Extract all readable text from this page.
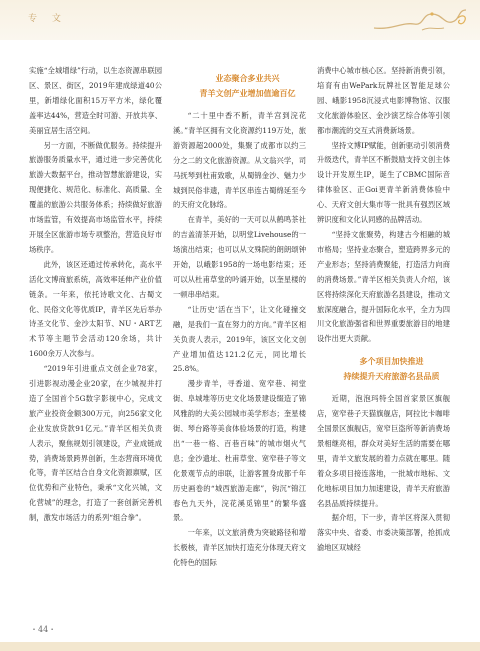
专 文

实施“全城增绿”行动，以生态资源串联园区、景区、街区，2019年建成绿道40公里，新增绿化面积15万平方米，绿化覆盖率达44%，营造全时可游、开放共享、美丽宜居生活空间。

另一方面，不断做优服务。持续提升旅游服务质量水平，通过进一步完善优化旅游大数据平台，推动智慧旅游建设，实现便捷化、规范化、标准化、高质量、全覆盖的旅游公共服务体系；持续做好旅游市场监管，有效提高市场监管水平，持续开展全区旅游市场专项整治，营造良好市场秩序。

此外，该区还通过传承转化，高水平活化文博商旅系统，高效率延伸产业价值链条。一年来，依托诗歌文化、古蜀文化、民俗文化等优质IP，青羊区先后举办诗圣文化节、金沙太阳节、NU・ART艺术节等主题节会活动120余场，共计1600余万人次参与。

“2019年引进重点文创企业78家，引进影视动漫企业20家，在少城视井打造了全国首个5G数字影视中心，完成文旅产业投资金额300万元，向256家文化企业发放贷款91亿元。”青羊区相关负责人表示，聚焦规划引领建设，产业成链成势，消费场景跨界创新，生态营商环境优化等，青羊区结合自身文化资源禀赋，区位优势和产业特色，秉承“文化兴城，文化营城”的理念，打造了一套创新完善机制，激发市场活力的系列“组合拳”。

业态聚合多业共兴

青羊文创产业增加值逾百亿

“二十里中香不断，青羊宫到浣花溪。”青羊区拥有文化资源约119万处，旅游资源超2000处，集聚了成都市以约三分之二的文化旅游资源。从文翁兴学，司马抚琴到杜甫致歌，从蜀锦金沙、魅力少城到民俗非遗，青羊区串连古蜀绵延至今的天府文化脉络。

在青羊，美好的一天可以从鹤鸣茶社的吉盖清茶开始，以明堂Livehouse的一场演出结束；也可以从文殊院的朗朗颂钟开始，以峨影1958的一场电影结束；还可以从杜甫草堂的吟诵开始，以奎星楼的一顿串串结束。

“让历史‘活在当下’，让文化碰撞交融，是我们一直在努力的方向。”青羊区相关负责人表示，2019年，该区文化文创产业增加值达121.2亿元，同比增长25.8%。

漫步青羊，寻香道、宽窄巷、祠堂街、阜城堆等历史文化场景建设缀造了锦风雅韵的大美公园城市美学形态；奎星楼街、琴台路等美食体验场景的打造，构建出“一巷一格、百巷百味”的城市烟火气息；金沙遗址、杜甫草堂、宽窄巷子等文化景观节点的串联，让游客置身成都千年历史画卷的“城西旅游走廊”，钩沉“锦江春色九天外，浣花溪觅锦里”的繁华盛景。

一年来，以文旅消费为突破路径和增长极核，青羊区加快打造充分体现天府文化特色的国际

消费中心城市核心区。坚持新消费引领，培育有由WePark玩牌社区智能足球公园、峨影1958沉浸式电影博物馆、汉服文化旅游体验区、金沙演艺综合体等引领都市潮流的交互式消费新场景。

坚持文博IP赋能，创新驱动引领消费升级迭代，青羊区不断鼓励支持文创主体设计开发原生IP，诞生了CBMC国际音律体验区、正Goi更青羊新消费体验中心、天府文创大集市等一批具有强烈区域辨识度和文化认同感的品牌活动。

“坚持文旅聚势，构建古今相融的城市格局；坚持业态聚合，塑造跨界多元的产业形态；坚持消费聚能，打造活力向商的消费场景。”青羊区相关负责人介绍，该区将持续深化天府旅游名县建设，推动文旅深度融合，提升国际化水平，全力为四川文化旅游强省和世界重要旅游目的地建设作出更大贡献。

多个项目加快推进

持续提升天府旅游名县品质

近期，泡泡玛特全国首家景区旗舰店，宽窄巷子天猫旗舰店，阿拉比卡咖啡全国景区旗舰店，宽窄巨盗所等新消费场景相继亮相，群众对美好生活的需要在哪里，青羊文旅发展的着力点就在哪里。随着众多项目接连落地，一批城市地标、文化地标项目加力加速建设，青羊天府旅游名县品质持续提升。

据介绍，下一步，青羊区将深入贯彻落实中央、省委、市委决策部署，抢抓成渝地区双城经

・44・
